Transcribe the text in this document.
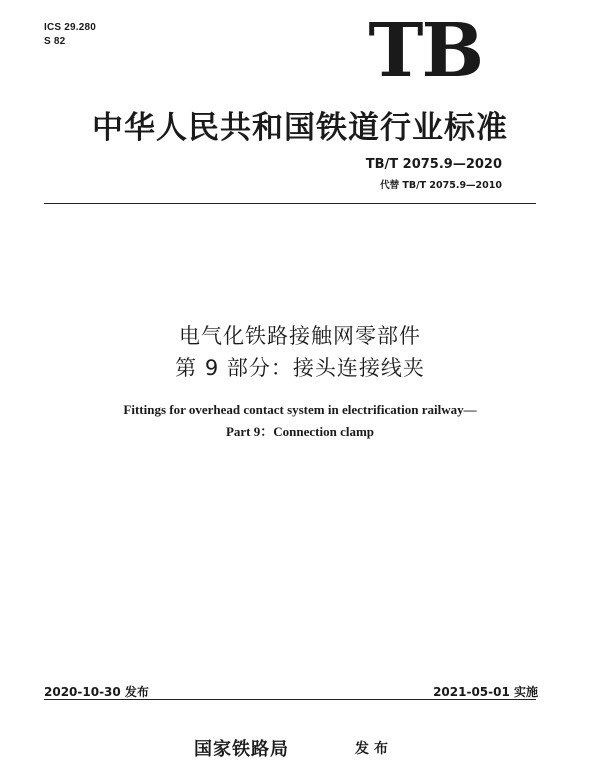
ICS 29.280
S 82	TB
中华人民共和国铁道行业标准
TB/T 2075.9—2020
代替 TB/T 2075.9—2010
电气化铁路接触网零部件
第 9 部分：接头连接线夹
Fittings for overhead contact system in electrification railway—
Part 9：Connection clamp
2020-10-30 发布	2021-05-01 实施
国家铁路局	发布
